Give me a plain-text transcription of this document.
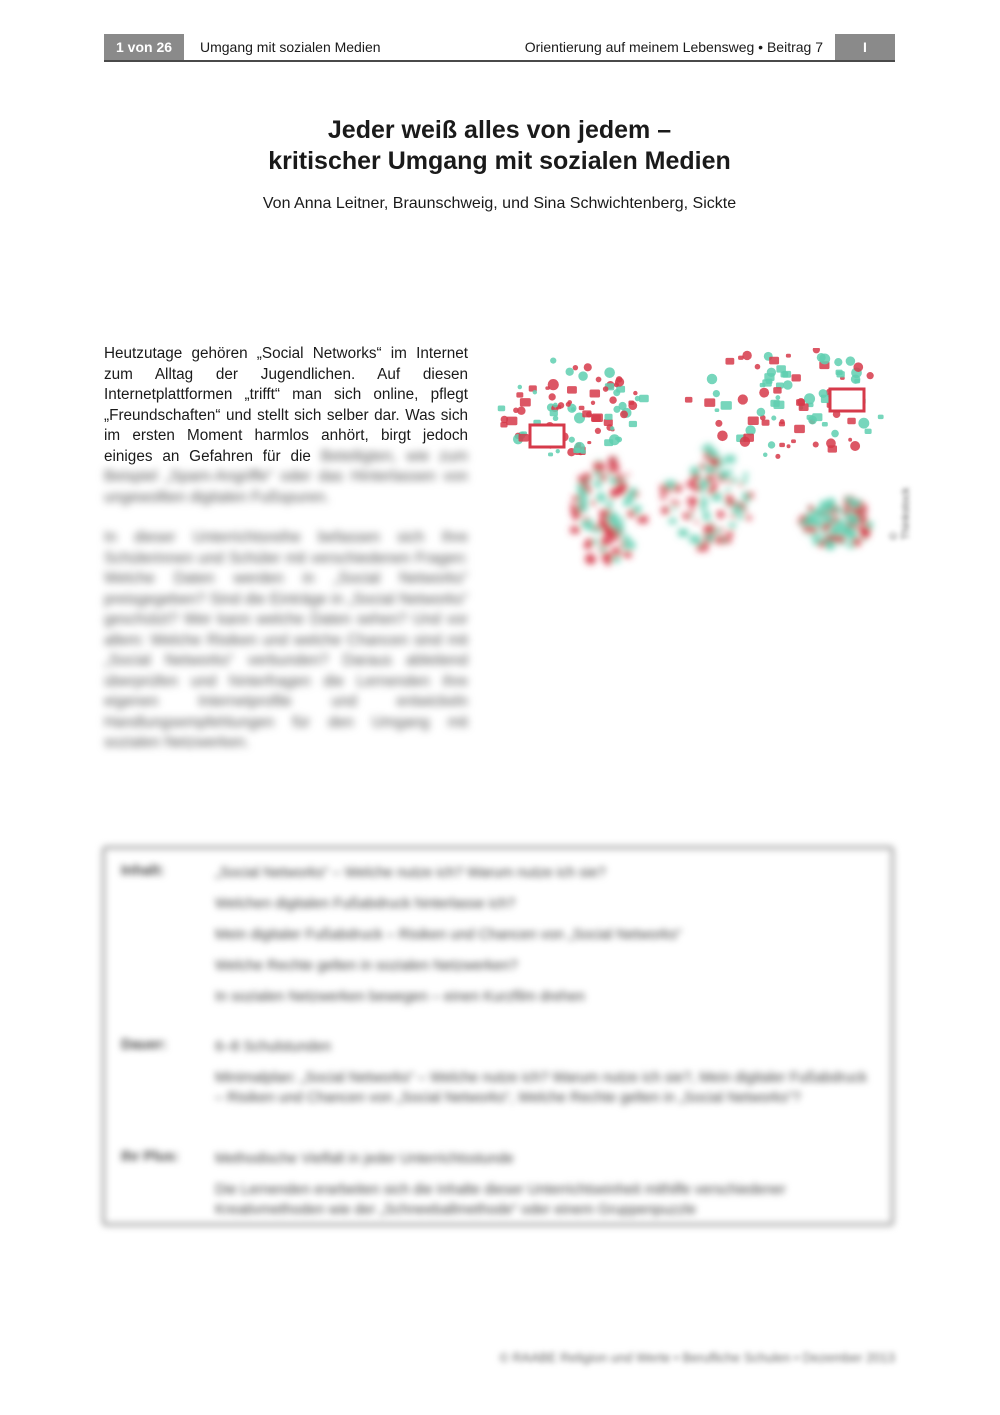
1 von 26	Umgang mit sozialen Medien	Orientierung auf meinem Lebensweg • Beitrag 7	I
Jeder weiß alles von jedem –
kritischer Umgang mit sozialen Medien
Von Anna Leitner, Braunschweig, und Sina Schwichtenberg, Sickte

Heutzutage gehören „Social Networks“ im Internet zum Alltag der Jugendlichen. Auf diesen Internetplattformen „trifft“ man sich online, pflegt „Freundschaften“ und stellt sich selber dar. Was sich im ersten Moment harmlos anhört, birgt jedoch einiges an Gefahren für die Beteiligten, wie zum Beispiel „Spam-Angriffe“ oder das Hinterlassen von ungewollten digitalen Fußspuren.

In dieser Unterrichtsreihe befassen sich Ihre Schülerinnen und Schüler mit verschiedenen Fragen: Welche Daten werden in „Social Networks“ preisgegeben? Sind die Einträge in „Social Networks“ geschützt? Wer kann welche Daten sehen? Und vor allem: Welche Risiken und welche Chancen sind mit „Social Networks“ verbunden? Daraus ableitend überprüfen und hinterfragen die Lernenden ihre eigenen Internetprofile und entwickeln Handlungsempfehlungen für den Umgang mit sozialen Netzwerken.

© Thinkstock
Inhalt:	„Social Networks“ – Welche nutze ich? Warum nutze ich sie?
Welchen digitalen Fußabdruck hinterlasse ich?
Mein digitaler Fußabdruck – Risiken und Chancen von „Social Networks“
Welche Rechte gelten in sozialen Netzwerken?
In sozialen Netzwerken bewegen – einen Kurzfilm drehen
Dauer:	6–8 Schulstunden
Minimalplan: „Social Networks“ – Welche nutze ich? Warum nutze ich sie?, Mein digitaler Fußabdruck – Risiken und Chancen von „Social Networks“, Welche Rechte gelten in „Social Networks“?
Ihr Plus:	Methodische Vielfalt in jeder Unterrichtsstunde
Die Lernenden erarbeiten sich die Inhalte dieser Unterrichtseinheit mithilfe verschiedener Kreativmethoden wie der „Schneeballmethode“ oder einem Gruppenpuzzle
© RAABE Religion und Werte • Berufliche Schulen • Dezember 2013
